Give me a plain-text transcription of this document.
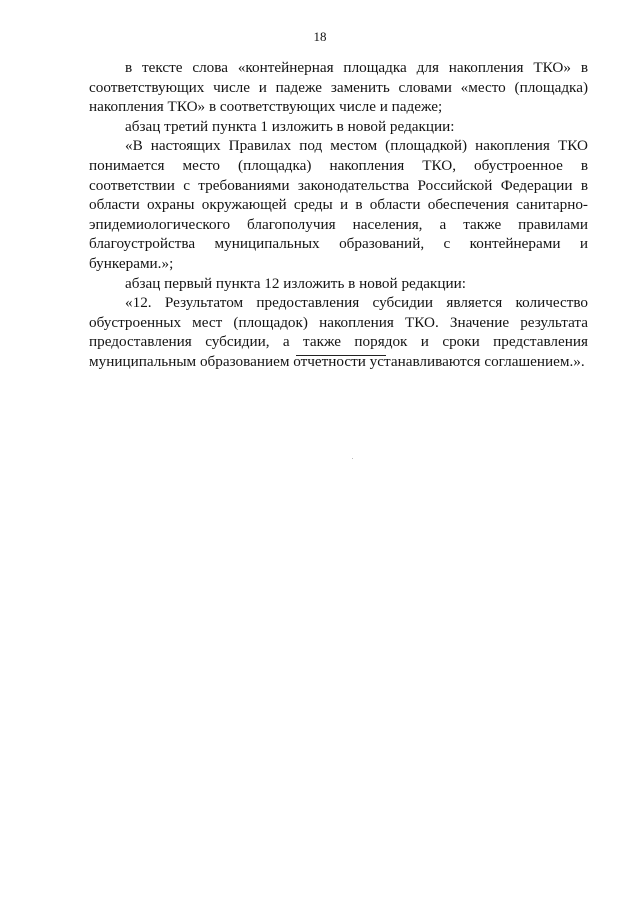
18

в тексте слова «контейнерная площадка для накопления ТКО» в соответствующих числе и падеже заменить словами «место (площадка) накопления ТКО» в соответствующих числе и падеже;

абзац третий пункта 1 изложить в новой редакции:

«В настоящих Правилах под местом (площадкой) накопления ТКО понимается место (площадка) накопления ТКО, обустроенное в соответствии с требованиями законодательства Российской Федерации в области охраны окружающей среды и в области обеспечения санитарно-эпидемиологического благополучия населения, а также правилами благоустройства муниципальных образований, с контейнерами и бункерами.»;

абзац первый пункта 12 изложить в новой редакции:

«12. Результатом предоставления субсидии является количество обустроенных мест (площадок) накопления ТКО. Значение результата предоставления субсидии, а также порядок и сроки представления муниципальным образованием отчетности устанавливаются соглашением.».
